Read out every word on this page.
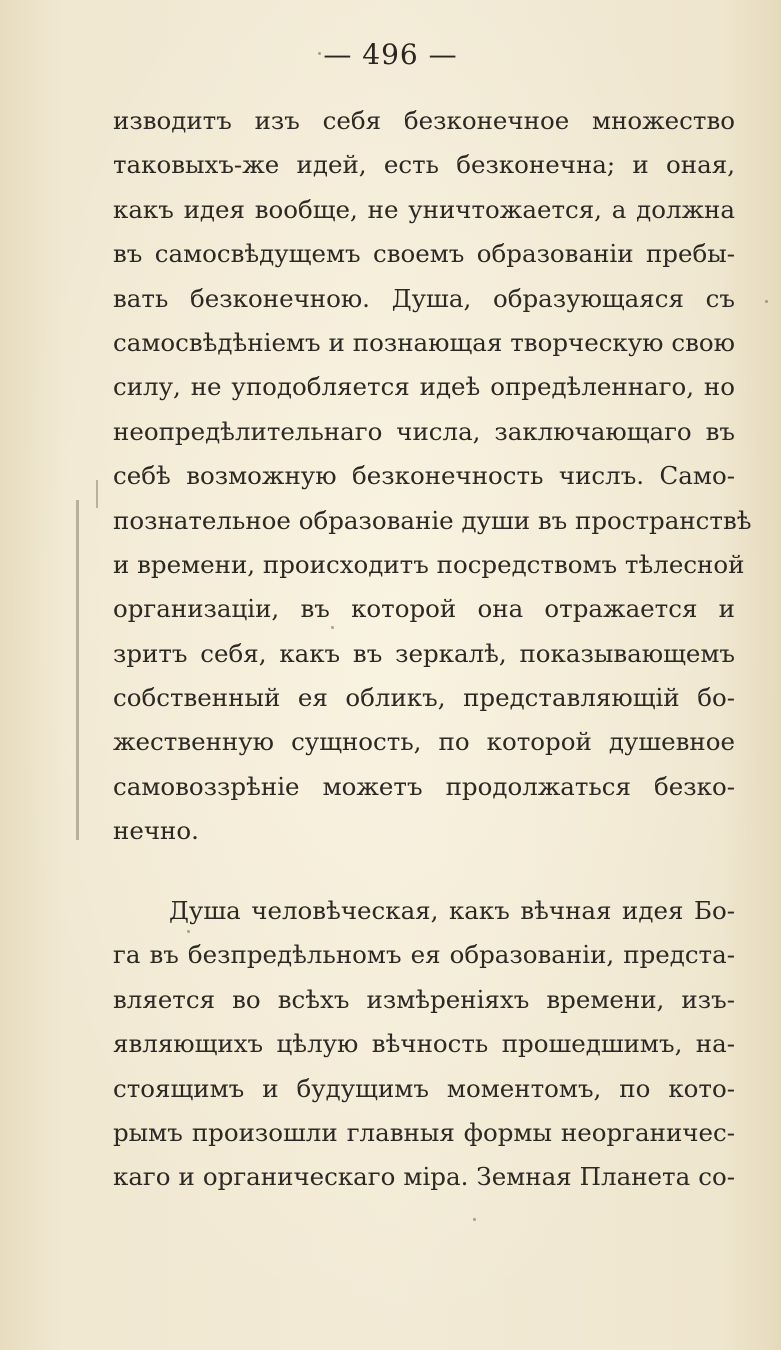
— 496 —
изводитъ изъ себя безконечное множество
таковыхъ-же идей, есть безконечна; и оная,
какъ идея вообще, не уничтожается, а должна
въ самосвѣдущемъ своемъ образованіи пребы-
вать безконечною. Душа, образующаяся съ
самосвѣдѣніемъ и познающая творческую свою
силу, не уподобляется идеѣ опредѣленнаго, но
неопредѣлительнаго числа, заключающаго въ
себѣ возможную безконечность числъ. Само-
познательное образованіе души въ пространствѣ
и времени, происходитъ посредствомъ тѣлесной
организаціи, въ которой она отражается и
зритъ себя, какъ въ зеркалѣ, показывающемъ
собственный ея обликъ, представляющій бо-
жественную сущность, по которой душевное
самовоззрѣніе можетъ продолжаться безко-
нечно.
Душа человѣческая, какъ вѣчная идея Бо-
га въ безпредѣльномъ ея образованіи, предста-
вляется во всѣхъ измѣреніяхъ времени, изъ-
являющихъ цѣлую вѣчность прошедшимъ, на-
стоящимъ и будущимъ моментомъ, по кото-
рымъ произошли главныя формы неорганичес-
каго и органическаго міра. Земная Планета со-
